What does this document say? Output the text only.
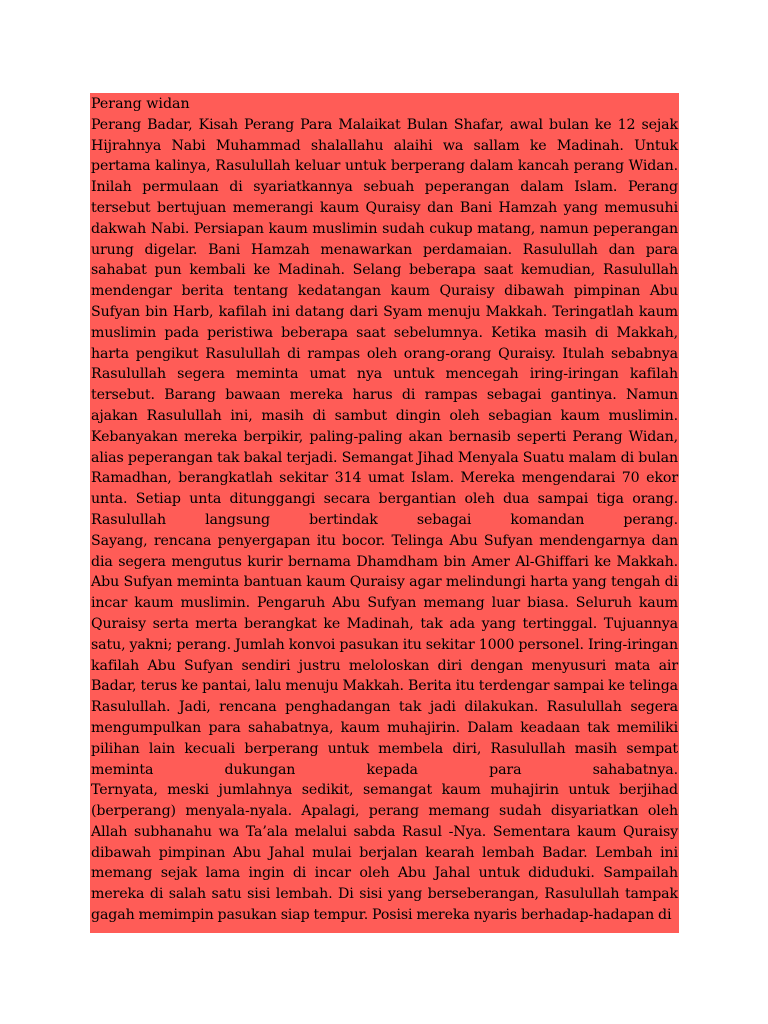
Perang widan

Perang Badar, Kisah Perang Para Malaikat Bulan Shafar, awal bulan ke 12 sejak Hijrahnya Nabi Muhammad shalallahu alaihi wa sallam ke Madinah. Untuk pertama kalinya, Rasulullah keluar untuk berperang dalam kancah perang Widan. Inilah permulaan di syariatkannya sebuah peperangan dalam Islam. Perang tersebut bertujuan memerangi kaum Quraisy dan Bani Hamzah yang memusuhi dakwah Nabi. Persiapan kaum muslimin sudah cukup matang, namun peperangan urung digelar. Bani Hamzah menawarkan perdamaian. Rasulullah dan para sahabat pun kembali ke Madinah. Selang beberapa saat kemudian, Rasulullah mendengar berita tentang kedatangan kaum Quraisy dibawah pimpinan Abu Sufyan bin Harb, kafilah ini datang dari Syam menuju Makkah. Teringatlah kaum muslimin pada peristiwa beberapa saat sebelumnya. Ketika masih di Makkah, harta pengikut Rasulullah di rampas oleh orang-orang Quraisy. Itulah sebabnya Rasulullah segera meminta umat nya untuk mencegah iring-iringan kafilah tersebut. Barang bawaan mereka harus di rampas sebagai gantinya. Namun ajakan Rasulullah ini, masih di sambut dingin oleh sebagian kaum muslimin. Kebanyakan mereka berpikir, paling-paling akan bernasib seperti Perang Widan, alias peperangan tak bakal terjadi. Semangat Jihad Menyala Suatu malam di bulan Ramadhan, berangkatlah sekitar 314 umat Islam. Mereka mengendarai 70 ekor unta. Setiap unta ditunggangi secara bergantian oleh dua sampai tiga orang. Rasulullah langsung bertindak sebagai komandan perang.

Sayang, rencana penyergapan itu bocor. Telinga Abu Sufyan mendengarnya dan dia segera mengutus kurir bernama Dhamdham bin Amer Al-Ghiffari ke Makkah. Abu Sufyan meminta bantuan kaum Quraisy agar melindungi harta yang tengah di incar kaum muslimin. Pengaruh Abu Sufyan memang luar biasa. Seluruh kaum Quraisy serta merta berangkat ke Madinah, tak ada yang tertinggal. Tujuannya satu, yakni; perang. Jumlah konvoi pasukan itu sekitar 1000 personel. Iring-iringan kafilah Abu Sufyan sendiri justru meloloskan diri dengan menyusuri mata air Badar, terus ke pantai, lalu menuju Makkah. Berita itu terdengar sampai ke telinga Rasulullah. Jadi, rencana penghadangan tak jadi dilakukan. Rasulullah segera mengumpulkan para sahabatnya, kaum muhajirin. Dalam keadaan tak memiliki pilihan lain kecuali berperang untuk membela diri, Rasulullah masih sempat meminta dukungan kepada para sahabatnya.

Ternyata, meski jumlahnya sedikit, semangat kaum muhajirin untuk berjihad (berperang) menyala-nyala. Apalagi, perang memang sudah disyariatkan oleh Allah subhanahu wa Ta’ala melalui sabda Rasul -Nya. Sementara kaum Quraisy dibawah pimpinan Abu Jahal mulai berjalan kearah lembah Badar. Lembah ini memang sejak lama ingin di incar oleh Abu Jahal untuk diduduki. Sampailah mereka di salah satu sisi lembah. Di sisi yang berseberangan, Rasulullah tampak gagah memimpin pasukan siap tempur. Posisi mereka nyaris berhadap-hadapan di
